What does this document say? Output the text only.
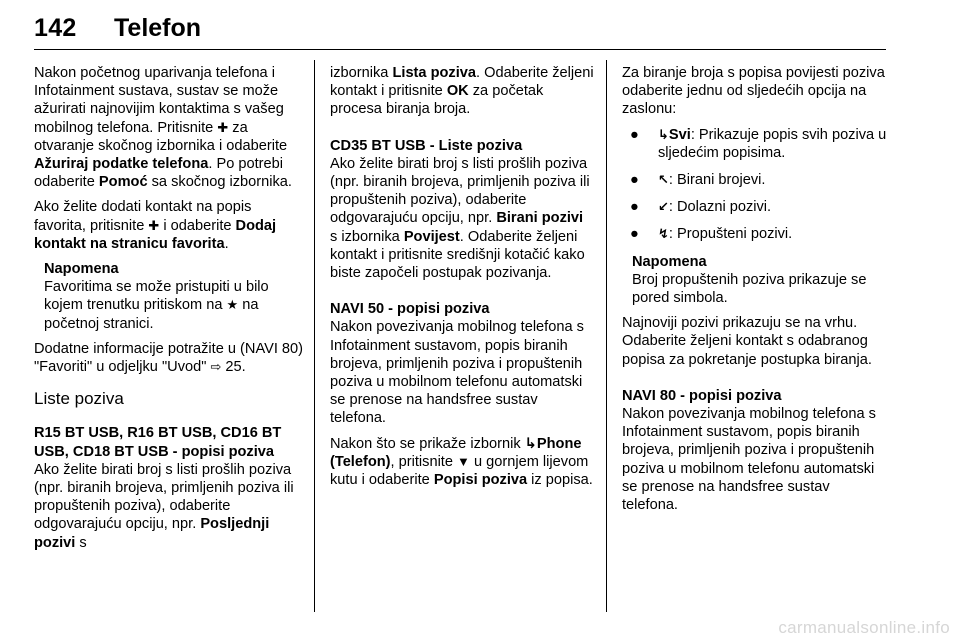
142 Telefon

Nakon početnog uparivanja telefona i Infotainment sustava, sustav se može ažurirati najnovijim kontaktima s vašeg mobilnog telefona. Pritisnite ✚ za otvaranje skočnog izbornika i odaberite Ažuriraj podatke telefona. Po potrebi odaberite Pomoć sa skočnog izbornika.

Ako želite dodati kontakt na popis favorita, pritisnite ✚ i odaberite Dodaj kontakt na stranicu favorita.

Napomena
Favoritima se može pristupiti u bilo kojem trenutku pritiskom na ★ na početnoj stranici.

Dodatne informacije potražite u (NAVI 80) "Favoriti" u odjeljku "Uvod" ⇨ 25.

Liste poziva
R15 BT USB, R16 BT USB, CD16 BT USB, CD18 BT USB - popisi poziva

Ako želite birati broj s listi prošlih poziva (npr. biranih brojeva, primljenih poziva ili propuštenih poziva), odaberite odgovarajuću opciju, npr. Posljednji pozivi s

izbornika Lista poziva. Odaberite željeni kontakt i pritisnite OK za početak procesa biranja broja.

CD35 BT USB - Liste poziva

Ako želite birati broj s listi prošlih poziva (npr. biranih brojeva, primljenih poziva ili propuštenih poziva), odaberite odgovarajuću opciju, npr. Birani pozivi s izbornika Povijest. Odaberite željeni kontakt i pritisnite središnji kotačić kako biste započeli postupak pozivanja.

NAVI 50 - popisi poziva

Nakon povezivanja mobilnog telefona s Infotainment sustavom, popis biranih brojeva, primljenih poziva i propuštenih poziva u mobilnom telefonu automatski se prenose na handsfree sustav telefona.

Nakon što se prikaže izbornik ↳Phone (Telefon), pritisnite ▼ u gornjem lijevom kutu i odaberite Popisi poziva iz popisa.

Za biranje broja s popisa povijesti poziva odaberite jednu od sljedećih opcija na zaslonu:

●	↳Svi: Prikazuje popis svih poziva u sljedećim popisima.
●	↖: Birani brojevi.
●	↙: Dolazni pozivi.
●	↯: Propušteni pozivi.
Napomena
Broj propuštenih poziva prikazuje se pored simbola.

Najnoviji pozivi prikazuju se na vrhu. Odaberite željeni kontakt s odabranog popisa za pokretanje postupka biranja.

NAVI 80 - popisi poziva

Nakon povezivanja mobilnog telefona s Infotainment sustavom, popis biranih brojeva, primljenih poziva i propuštenih poziva u mobilnom telefonu automatski se prenose na handsfree sustav telefona.

carmanualsonline.info
